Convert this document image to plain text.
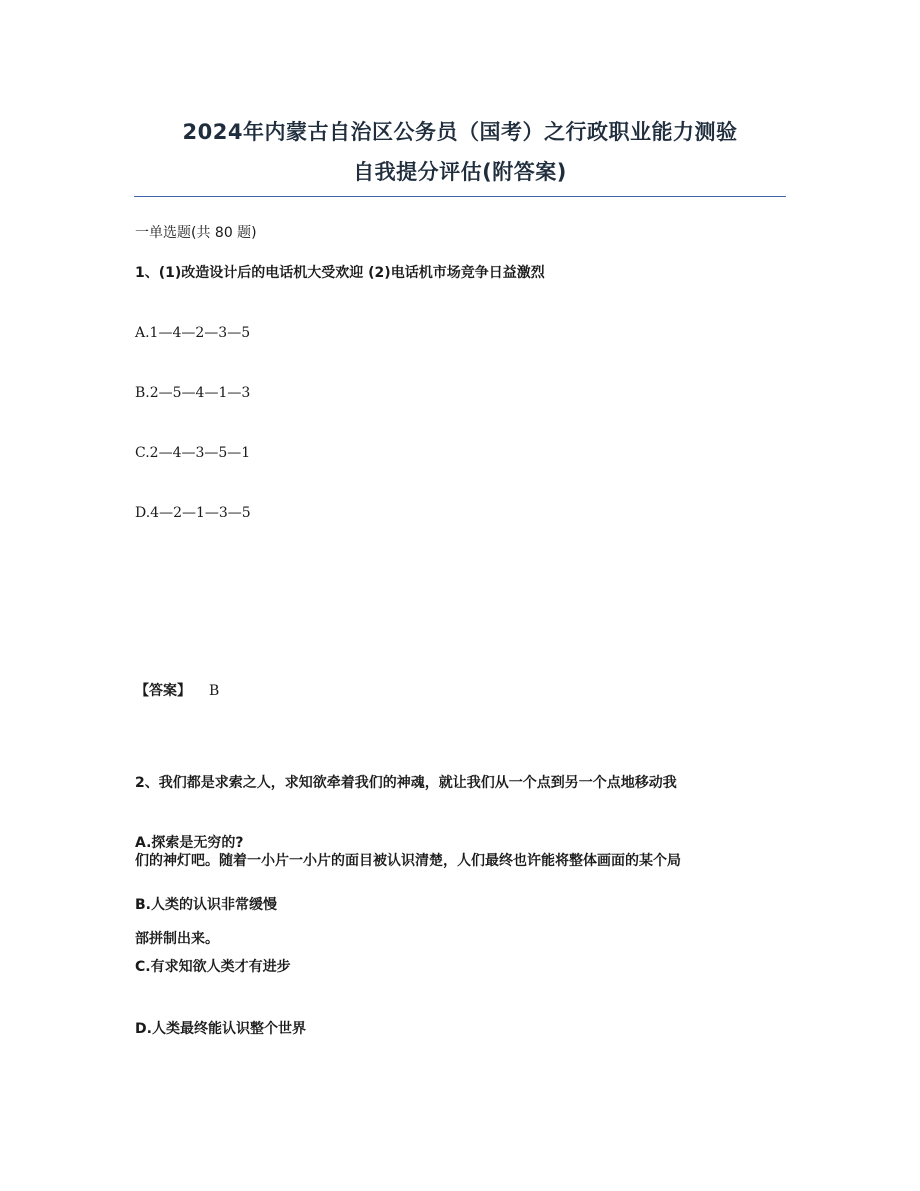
2024年内蒙古自治区公务员（国考）之行政职业能力测验
自我提分评估(附答案)
一单选题(共 80 题)
1、(1)改造设计后的电话机大受欢迎 (2)电话机市场竞争日益激烈
A.1—4—2—3—5
B.2—5—4—1—3
C.2—4—3—5—1
D.4—2—1—3—5
【答案】 B

2、我们都是求索之人，求知欲牵着我们的神魂，就让我们从一个点到另一个点地移动我

们的神灯吧。随着一小片一小片的面目被认识清楚，人们最终也许能将整体画面的某个局

部拼制出来。

A.探索是无穷的?
B.人类的认识非常缓慢
C.有求知欲人类才有进步
D.人类最终能认识整个世界
